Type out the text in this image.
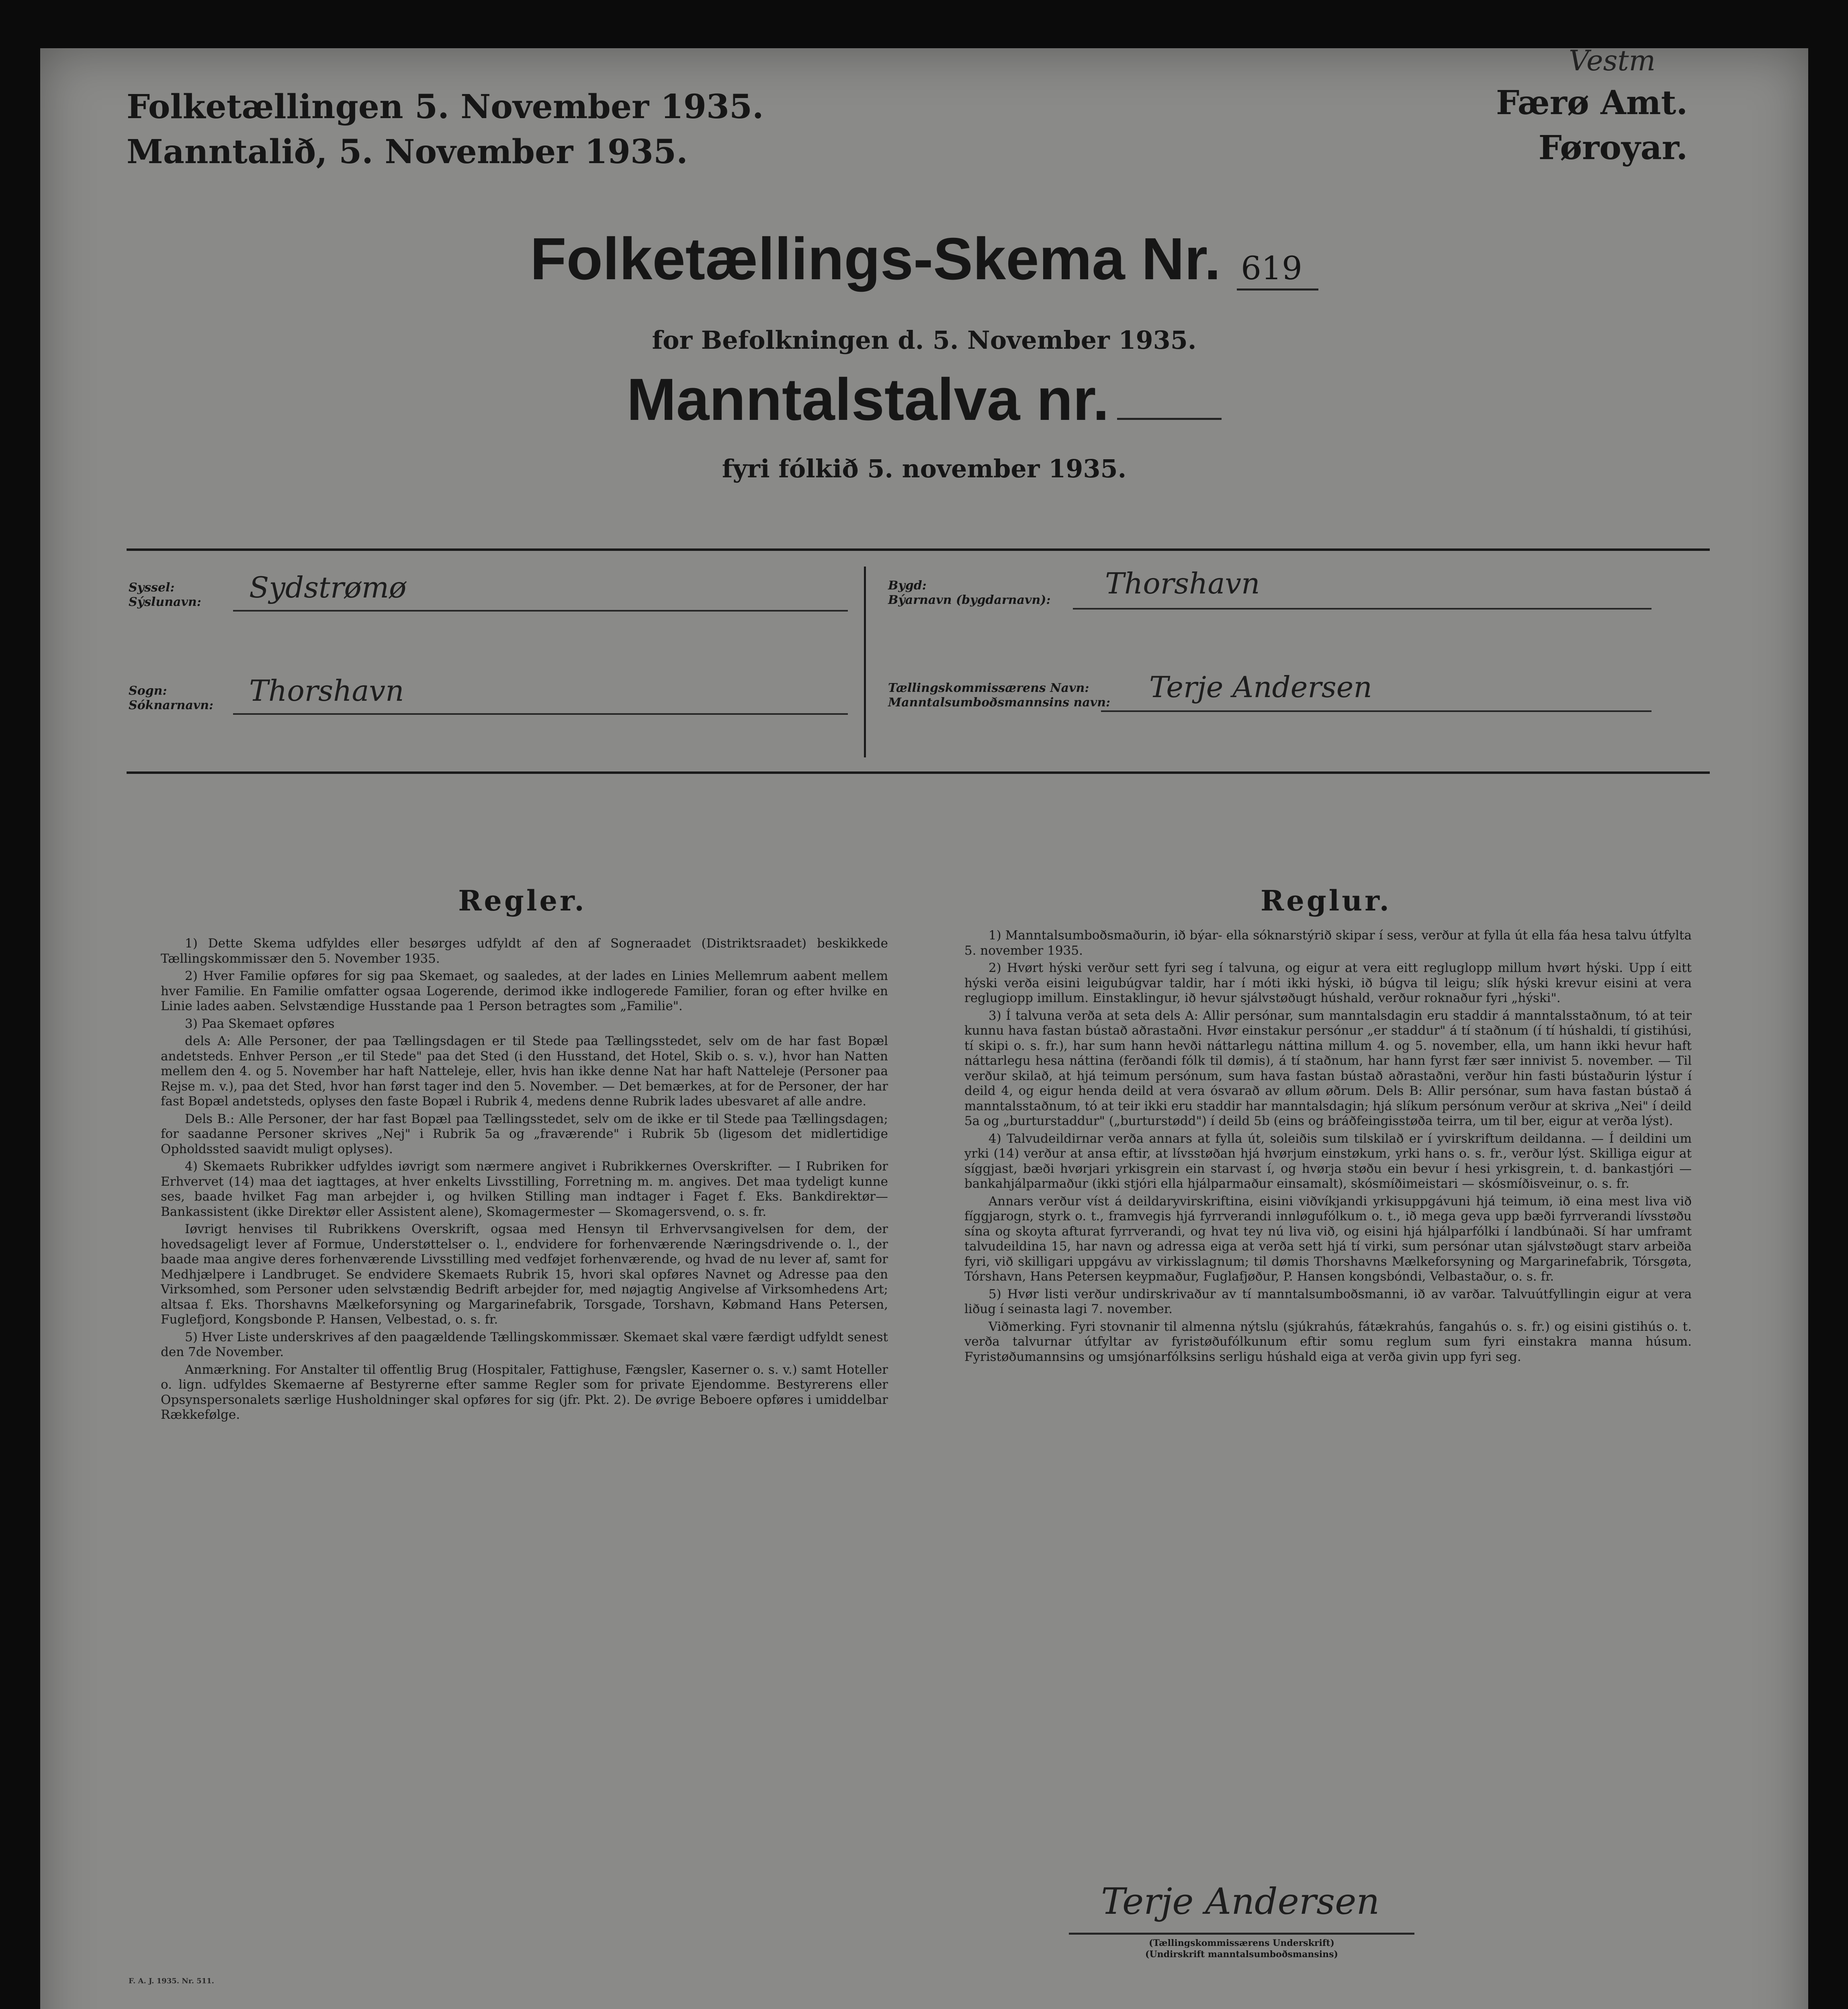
Folketællingen 5. November 1935.
Manntalið, 5. November 1935.
Vestm
Færø Amt.
Føroyar.
Folketællings-Skema Nr. 619
for Befolkningen d. 5. November 1935.
Manntalstalva nr.
fyri fólkið 5. november 1935.
Syssel:
Sýslunavn: Sydstrømø
Sogn:
Sóknarnavn: Thorshavn
Bygd:
Býarnavn (bygdarnavn): Thorshavn
Tællingskommissærens Navn:
Manntalsumboðsmannsins navn: Terje Andersen
Regler.

1) Dette Skema udfyldes eller besørges udfyldt af den af Sogneraadet (Distriktsraadet) beskikkede Tællingskommissær den 5. November 1935.

2) Hver Familie opføres for sig paa Skemaet, og saaledes, at der lades en Linies Mellemrum aabent mellem hver Familie. En Familie omfatter ogsaa Logerende, derimod ikke indlogerede Familier, foran og efter hvilke en Linie lades aaben. Selvstændige Husstande paa 1 Person betragtes som „Familie".

3) Paa Skemaet opføres

dels A: Alle Personer, der paa Tællingsdagen er til Stede paa Tællingsstedet, selv om de har fast Bopæl andetsteds. Enhver Person „er til Stede" paa det Sted (i den Husstand, det Hotel, Skib o. s. v.), hvor han Natten mellem den 4. og 5. November har haft Natteleje, eller, hvis han ikke denne Nat har haft Natteleje (Personer paa Rejse m. v.), paa det Sted, hvor han først tager ind den 5. November. — Det bemærkes, at for de Personer, der har fast Bopæl andetsteds, oplyses den faste Bopæl i Rubrik 4, medens denne Rubrik lades ubesvaret af alle andre.

Dels B.: Alle Personer, der har fast Bopæl paa Tællingsstedet, selv om de ikke er til Stede paa Tællingsdagen; for saadanne Personer skrives „Nej" i Rubrik 5a og „fraværende" i Rubrik 5b (ligesom det midlertidige Opholdssted saavidt muligt oplyses).

4) Skemaets Rubrikker udfyldes iøvrigt som nærmere angivet i Rubrikkernes Overskrifter. — I Rubriken for Erhvervet (14) maa det iagttages, at hver enkelts Livsstilling, Forretning m. m. angives. Det maa tydeligt kunne ses, baade hvilket Fag man arbejder i, og hvilken Stilling man indtager i Faget f. Eks. Bankdirektør—Bankassistent (ikke Direktør eller Assistent alene), Skomagermester — Skomagersvend, o. s. fr.

Iøvrigt henvises til Rubrikkens Overskrift, ogsaa med Hensyn til Erhvervsangivelsen for dem, der hovedsageligt lever af Formue, Understøttelser o. l., endvidere for forhenværende Næringsdrivende o. l., der baade maa angive deres forhenværende Livsstilling med vedføjet forhenværende, og hvad de nu lever af, samt for Medhjælpere i Landbruget. Se endvidere Skemaets Rubrik 15, hvori skal opføres Navnet og Adresse paa den Virksomhed, som Personer uden selvstændig Bedrift arbejder for, med nøjagtig Angivelse af Virksomhedens Art; altsaa f. Eks. Thorshavns Mælkeforsyning og Margarinefabrik, Torsgade, Torshavn, Købmand Hans Petersen, Fuglefjord, Kongsbonde P. Hansen, Velbestad, o. s. fr.

5) Hver Liste underskrives af den paagældende Tællingskommissær. Skemaet skal være færdigt udfyldt senest den 7de November.

Anmærkning. For Anstalter til offentlig Brug (Hospitaler, Fattighuse, Fængsler, Kaserner o. s. v.) samt Hoteller o. lign. udfyldes Skemaerne af Bestyrerne efter samme Regler som for private Ejendomme. Bestyrerens eller Opsynspersonalets særlige Husholdninger skal opføres for sig (jfr. Pkt. 2). De øvrige Beboere opføres i umiddelbar Rækkefølge.

Reglur.

1) Manntalsumboðsmaðurin, ið býar- ella sóknarstýrið skipar í sess, verður at fylla út ella fáa hesa talvu útfylta 5. november 1935.

2) Hvørt hýski verður sett fyri seg í talvuna, og eigur at vera eitt regluglopp millum hvørt hýski. Upp í eitt hýski verða eisini leigubúgvar taldir, har í móti ikki hýski, ið búgva til leigu; slík hýski krevur eisini at vera reglugiopp imillum. Einstaklingur, ið hevur sjálvstøðugt húshald, verður roknaður fyri „hýski".

3) Í talvuna verða at seta dels A: Allir persónar, sum manntalsdagin eru staddir á manntalsstaðnum, tó at teir kunnu hava fastan bústað aðrastaðni. Hvør einstakur persónur „er staddur" á tí staðnum (í tí húshaldi, tí gistihúsi, tí skipi o. s. fr.), har sum hann hevði náttarlegu náttina millum 4. og 5. november, ella, um hann ikki hevur haft náttarlegu hesa náttina (ferðandi fólk til dømis), á tí staðnum, har hann fyrst fær sær innivist 5. november. — Til verður skilað, at hjá teimum persónum, sum hava fastan bústað aðrastaðni, verður hin fasti bústaðurin lýstur í deild 4, og eigur henda deild at vera ósvarað av øllum øðrum. Dels B: Allir persónar, sum hava fastan bústað á manntalsstaðnum, tó at teir ikki eru staddir har manntalsdagin; hjá slíkum persónum verður at skriva „Nei" í deild 5a og „burturstaddur" („burturstødd") í deild 5b (eins og bráðfeingisstøða teirra, um til ber, eigur at verða lýst).

4) Talvudeildirnar verða annars at fylla út, soleiðis sum tilskilað er í yvirskriftum deildanna. — Í deildini um yrki (14) verður at ansa eftir, at lívsstøðan hjá hvørjum einstøkum, yrki hans o. s. fr., verður lýst. Skilliga eigur at síggjast, bæði hvørjari yrkisgrein ein starvast í, og hvørja støðu ein bevur í hesi yrkisgrein, t. d. bankastjóri — bankahjálparmaður (ikki stjóri ella hjálparmaður einsamalt), skósmíðimeistari — skósmíðisveinur, o. s. fr.

Annars verður víst á deildaryvirskriftina, eisini viðvíkjandi yrkisuppgávuni hjá teimum, ið eina mest liva við fíggjarogn, styrk o. t., framvegis hjá fyrrverandi innløgufólkum o. t., ið mega geva upp bæði fyrrverandi lívsstøðu sína og skoyta afturat fyrrverandi, og hvat tey nú liva við, og eisini hjá hjálparfólki í landbúnaði. Sí har umframt talvudeildina 15, har navn og adressa eiga at verða sett hjá tí virki, sum persónar utan sjálvstøðugt starv arbeiða fyri, við skilligari uppgávu av virkisslagnum; til dømis Thorshavns Mælkeforsyning og Margarinefabrik, Tórsgøta, Tórshavn, Hans Petersen keypmaður, Fuglafjøður, P. Hansen kongsbóndi, Velbastaður, o. s. fr.

5) Hvør listi verður undirskrivaður av tí manntalsumboðsmanni, ið av varðar. Talvuútfyllingin eigur at vera liðug í seinasta lagi 7. november.

Viðmerking. Fyri stovnanir til almenna nýtslu (sjúkrahús, fátækrahús, fangahús o. s. fr.) og eisini gistihús o. t. verða talvurnar útfyltar av fyristøðufólkunum eftir somu reglum sum fyri einstakra manna húsum. Fyristøðumannsins og umsjónarfólksins serligu húshald eiga at verða givin upp fyri seg.

Terje Andersen
(Tællingskommissærens Underskrift)
(Undirskrift manntalsumboðsmansins)
F. A. J. 1935. Nr. 511.
